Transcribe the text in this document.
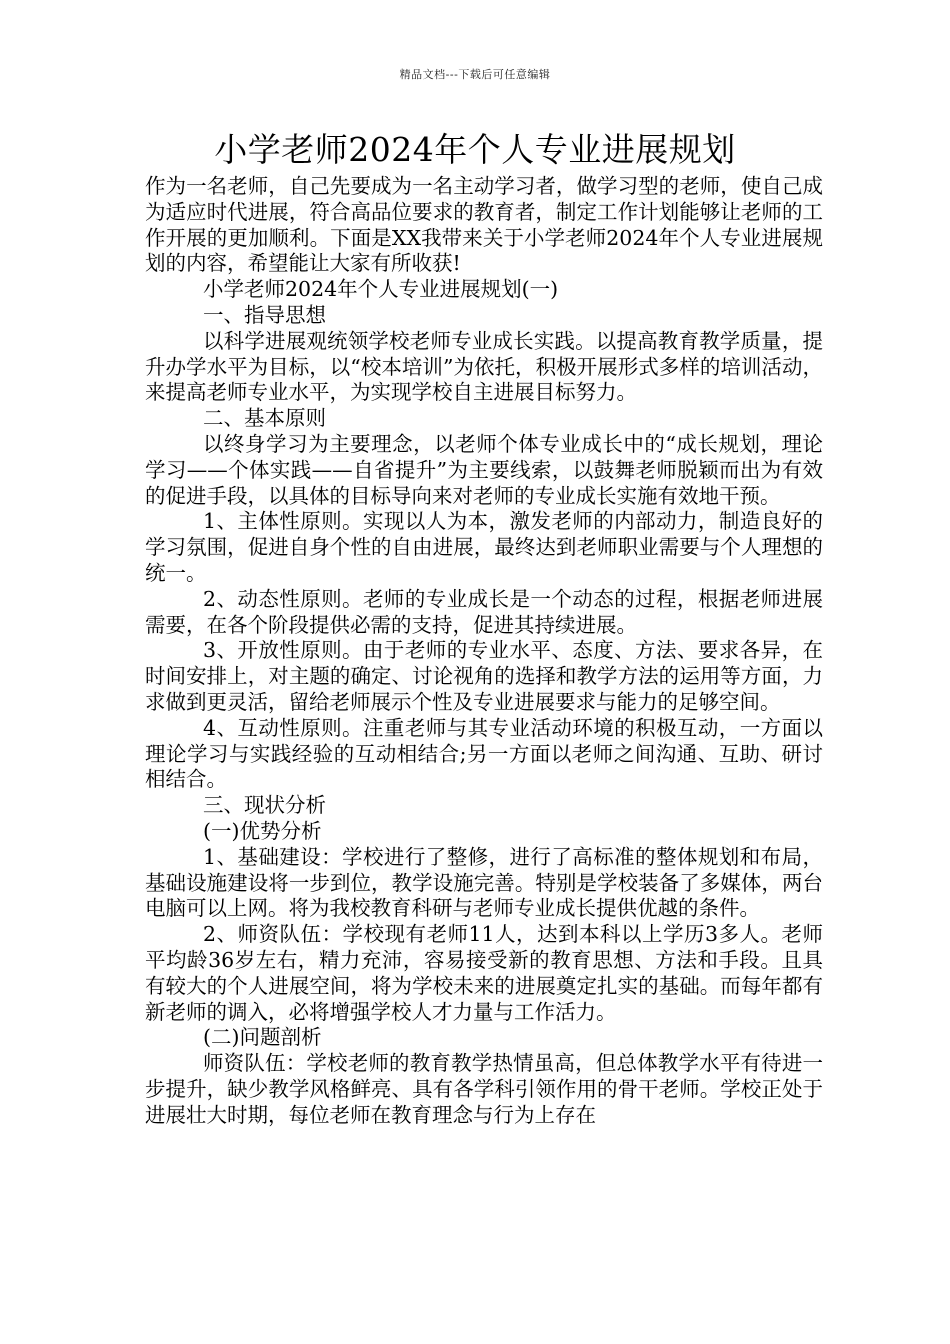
精品文档---下载后可任意编辑
小学老师2024年个人专业进展规划

作为一名老师，自己先要成为一名主动学习者，做学习型的老师，使自己成为适应时代进展，符合高品位要求的教育者，制定工作计划能够让老师的工作开展的更加顺利。下面是XX我带来关于小学老师2024年个人专业进展规划的内容，希望能让大家有所收获!

小学老师2024年个人专业进展规划(一)

一、指导思想

以科学进展观统领学校老师专业成长实践。以提高教育教学质量，提升办学水平为目标，以“校本培训”为依托，积极开展形式多样的培训活动，来提高老师专业水平，为实现学校自主进展目标努力。

二、基本原则

以终身学习为主要理念，以老师个体专业成长中的“成长规划，理论学习——个体实践——自省提升”为主要线索，以鼓舞老师脱颖而出为有效的促进手段，以具体的目标导向来对老师的专业成长实施有效地干预。

1、主体性原则。实现以人为本，激发老师的内部动力，制造良好的学习氛围，促进自身个性的自由进展，最终达到老师职业需要与个人理想的统一。

2、动态性原则。老师的专业成长是一个动态的过程，根据老师进展需要，在各个阶段提供必需的支持，促进其持续进展。

3、开放性原则。由于老师的专业水平、态度、方法、要求各异，在时间安排上，对主题的确定、讨论视角的选择和教学方法的运用等方面，力求做到更灵活，留给老师展示个性及专业进展要求与能力的足够空间。

4、互动性原则。注重老师与其专业活动环境的积极互动，一方面以理论学习与实践经验的互动相结合;另一方面以老师之间沟通、互助、研讨相结合。

三、现状分析

(一)优势分析

1、基础建设：学校进行了整修，进行了高标准的整体规划和布局，基础设施建设将一步到位，教学设施完善。特别是学校装备了多媒体，两台电脑可以上网。将为我校教育科研与老师专业成长提供优越的条件。

2、师资队伍：学校现有老师11人，达到本科以上学历3多人。老师平均龄36岁左右，精力充沛，容易接受新的教育思想、方法和手段。且具有较大的个人进展空间，将为学校未来的进展奠定扎实的基础。而每年都有新老师的调入，必将增强学校人才力量与工作活力。

(二)问题剖析

师资队伍：学校老师的教育教学热情虽高，但总体教学水平有待进一步提升，缺少教学风格鲜亮、具有各学科引领作用的骨干老师。学校正处于进展壮大时期，每位老师在教育理念与行为上存在
